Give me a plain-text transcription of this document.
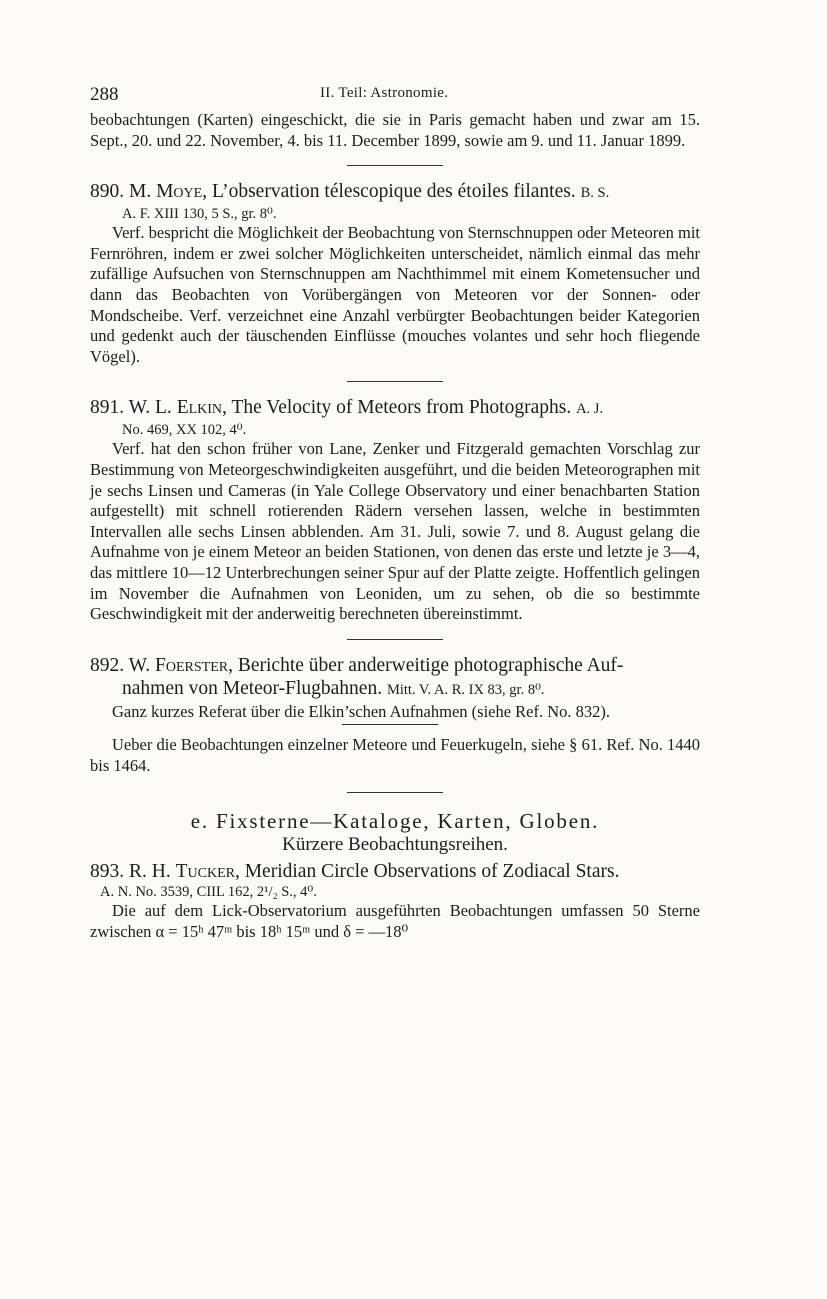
288	II. Teil: Astronomie.

beobachtungen (Karten) eingeschickt, die sie in Paris gemacht haben und zwar am 15. Sept., 20. und 22. November, 4. bis 11. December 1899, sowie am 9. und 11. Januar 1899.

890. M. Moye, L’observation télescopique des étoiles filantes. B. S.

A. F. XIII 130, 5 S., gr. 8⁰.

Verf. bespricht die Möglichkeit der Beobachtung von Sternschnuppen oder Meteoren mit Fernröhren, indem er zwei solcher Möglichkeiten unterscheidet, nämlich einmal das mehr zufällige Aufsuchen von Sternschnuppen am Nachthimmel mit einem Kometensucher und dann das Beobachten von Vorübergängen von Meteoren vor der Sonnen- oder Mondscheibe. Verf. verzeichnet eine Anzahl verbürgter Beobachtungen beider Kategorien und gedenkt auch der täuschenden Einflüsse (mouches volantes und sehr hoch fliegende Vögel).

891. W. L. Elkin, The Velocity of Meteors from Photographs. A. J.

No. 469, XX 102, 4⁰.

Verf. hat den schon früher von Lane, Zenker und Fitzgerald gemachten Vorschlag zur Bestimmung von Meteorgeschwindigkeiten ausgeführt, und die beiden Meteorographen mit je sechs Linsen und Cameras (in Yale College Observatory und einer benachbarten Station aufgestellt) mit schnell rotierenden Rädern versehen lassen, welche in bestimmten Intervallen alle sechs Linsen abblenden. Am 31. Juli, sowie 7. und 8. August gelang die Aufnahme von je einem Meteor an beiden Stationen, von denen das erste und letzte je 3—4, das mittlere 10—12 Unterbrechungen seiner Spur auf der Platte zeigte. Hoffentlich gelingen im November die Aufnahmen von Leoniden, um zu sehen, ob die so bestimmte Geschwindigkeit mit der anderweitig berechneten übereinstimmt.

892. W. Foerster, Berichte über anderweitige photographische Auf-

nahmen von Meteor-Flugbahnen. Mitt. V. A. R. IX 83, gr. 8⁰.

Ganz kurzes Referat über die Elkin’schen Aufnahmen (siehe Ref. No. 832).

Ueber die Beobachtungen einzelner Meteore und Feuerkugeln, siehe § 61. Ref. No. 1440 bis 1464.

e. Fixsterne—Kataloge, Karten, Globen.

Kürzere Beobachtungsreihen.

893. R. H. Tucker, Meridian Circle Observations of Zodiacal Stars.

A. N. No. 3539, CIIL 162, 2¹/₂ S., 4⁰.

Die auf dem Lick-Observatorium ausgeführten Beobachtungen umfassen 50 Sterne zwischen α = 15ʰ 47ᵐ bis 18ʰ 15ᵐ und δ = —18⁰
